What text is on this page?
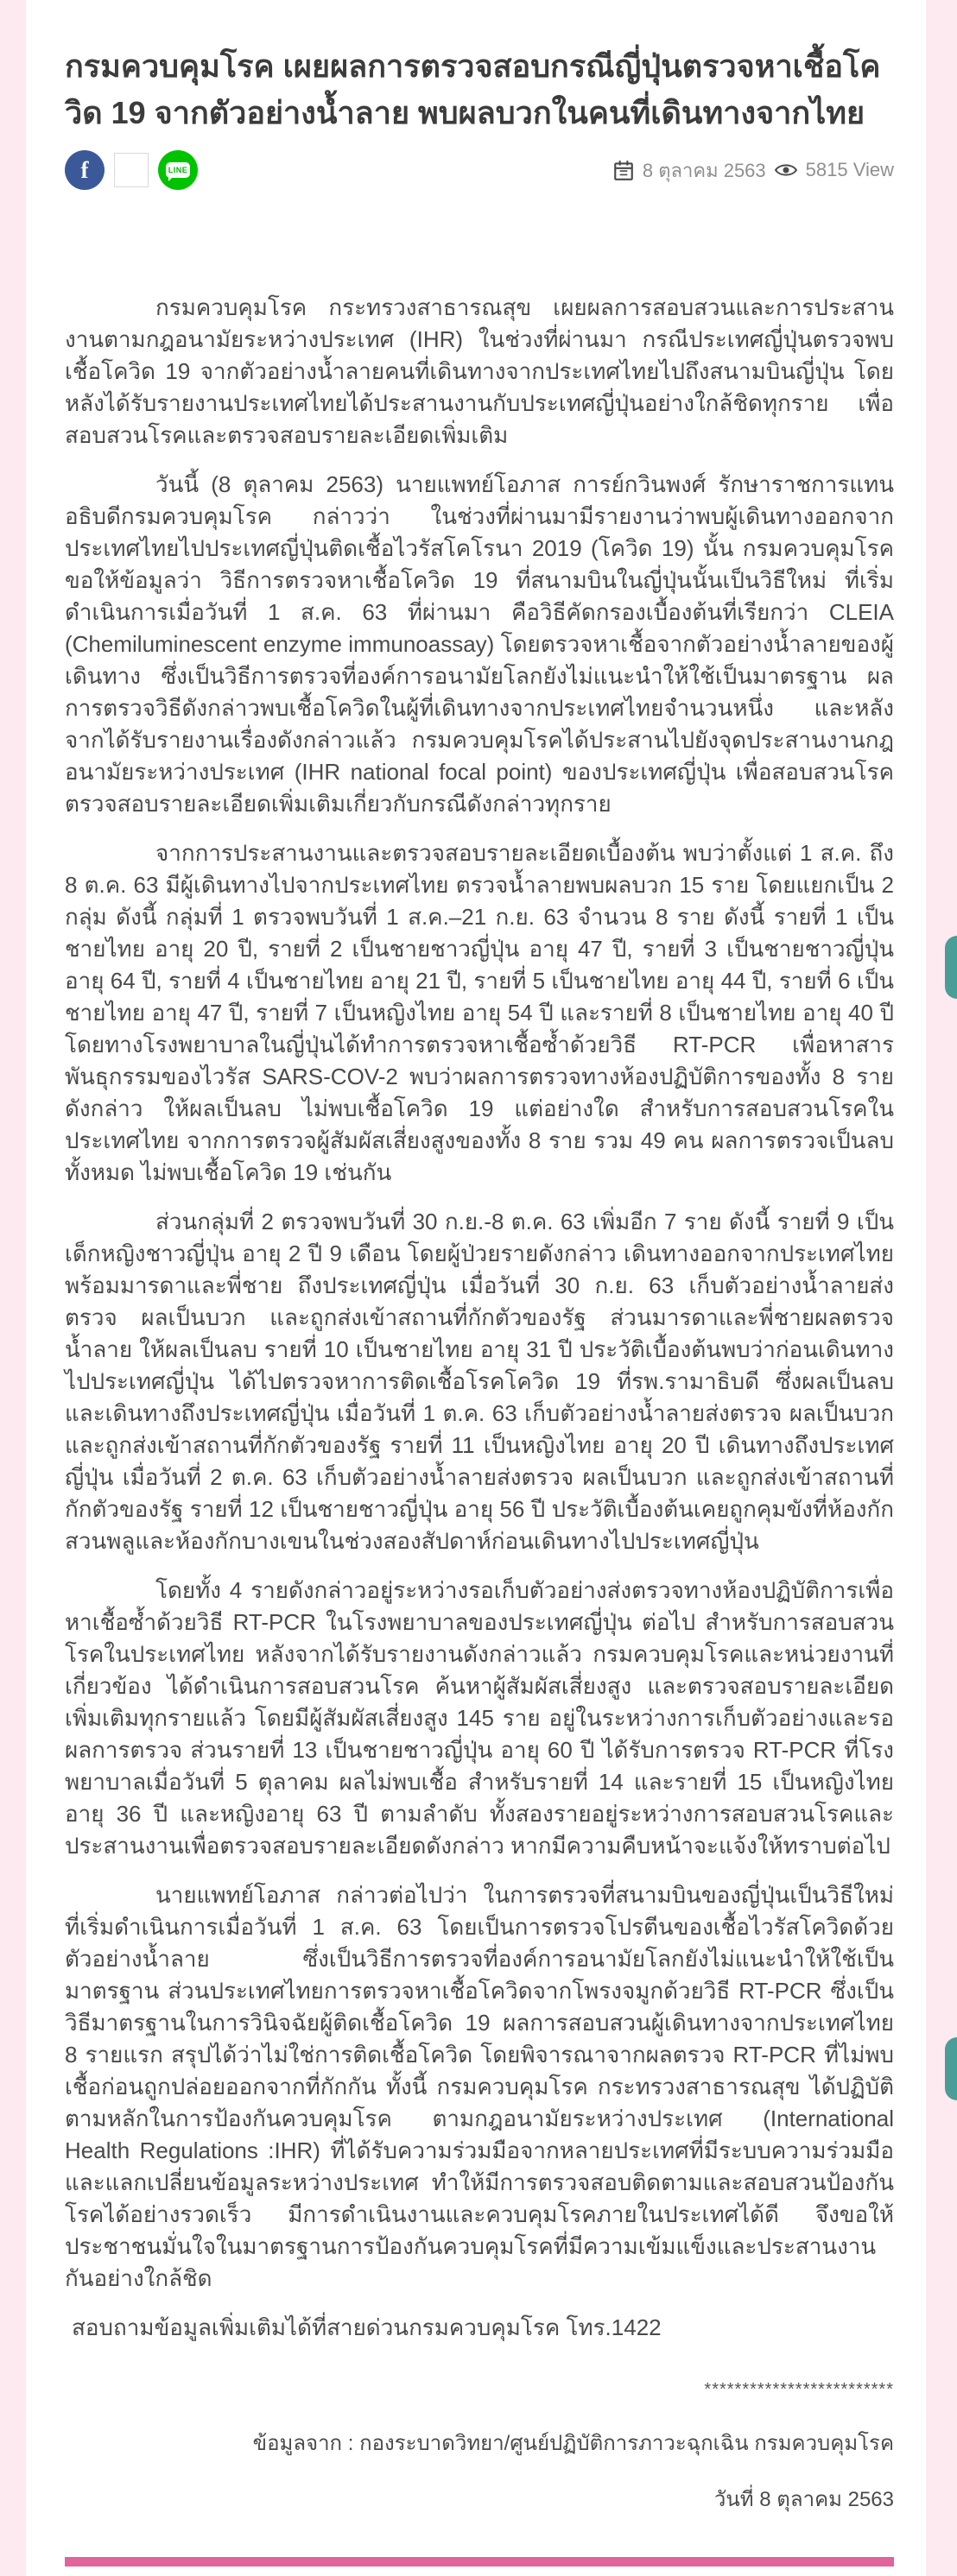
กรมควบคุมโรค เผยผลการตรวจสอบกรณีญี่ปุ่นตรวจหาเชื้อโควิด 19 จากตัวอย่างน้ำลาย พบผลบวกในคนที่เดินทางจากไทย
f	LINE	8 ตุลาคม 2563 5815 View

กรมควบคุมโรค กระทรวงสาธารณสุข เผยผลการสอบสวนและการประสานงานตามกฎอนามัยระหว่างประเทศ (IHR) ในช่วงที่ผ่านมา กรณีประเทศญี่ปุ่นตรวจพบเชื้อโควิด 19 จากตัวอย่างน้ำลายคนที่เดินทางจากประเทศไทยไปถึงสนามบินญี่ปุ่น โดยหลังได้รับรายงานประเทศไทยได้ประสานงานกับประเทศญี่ปุ่นอย่างใกล้ชิดทุกราย เพื่อสอบสวนโรคและตรวจสอบรายละเอียดเพิ่มเติม

วันนี้ (8 ตุลาคม 2563) นายแพทย์โอภาส การย์กวินพงศ์ รักษาราชการแทนอธิบดีกรมควบคุมโรค กล่าวว่า ในช่วงที่ผ่านมามีรายงานว่าพบผู้เดินทางออกจากประเทศไทยไปประเทศญี่ปุ่นติดเชื้อไวรัสโคโรนา 2019 (โควิด 19) นั้น กรมควบคุมโรค ขอให้ข้อมูลว่า วิธีการตรวจหาเชื้อโควิด 19 ที่สนามบินในญี่ปุ่นนั้นเป็นวิธีใหม่ ที่เริ่มดำเนินการเมื่อวันที่ 1 ส.ค. 63 ที่ผ่านมา คือวิธีคัดกรองเบื้องต้นที่เรียกว่า CLEIA (Chemiluminescent enzyme immunoassay) โดยตรวจหาเชื้อจากตัวอย่างน้ำลายของผู้เดินทาง ซึ่งเป็นวิธีการตรวจที่องค์การอนามัยโลกยังไม่แนะนำให้ใช้เป็นมาตรฐาน ผลการตรวจวิธีดังกล่าวพบเชื้อโควิดในผู้ที่เดินทางจากประเทศไทยจำนวนหนึ่ง และหลังจากได้รับรายงานเรื่องดังกล่าวแล้ว กรมควบคุมโรคได้ประสานไปยังจุดประสานงานกฎอนามัยระหว่างประเทศ (IHR national focal point) ของประเทศญี่ปุ่น เพื่อสอบสวนโรค ตรวจสอบรายละเอียดเพิ่มเติมเกี่ยวกับกรณีดังกล่าวทุกราย

จากการประสานงานและตรวจสอบรายละเอียดเบื้องต้น พบว่าตั้งแต่ 1 ส.ค. ถึง 8 ต.ค. 63 มีผู้เดินทางไปจากประเทศไทย ตรวจน้ำลายพบผลบวก 15 ราย โดยแยกเป็น 2 กลุ่ม ดังนี้ กลุ่มที่ 1 ตรวจพบวันที่ 1 ส.ค.–21 ก.ย. 63 จำนวน 8 ราย ดังนี้ รายที่ 1 เป็นชายไทย อายุ 20 ปี, รายที่ 2 เป็นชายชาวญี่ปุ่น อายุ 47 ปี, รายที่ 3 เป็นชายชาวญี่ปุ่น อายุ 64 ปี, รายที่ 4 เป็นชายไทย อายุ 21 ปี, รายที่ 5 เป็นชายไทย อายุ 44 ปี, รายที่ 6 เป็นชายไทย อายุ 47 ปี, รายที่ 7 เป็นหญิงไทย อายุ 54 ปี และรายที่ 8 เป็นชายไทย อายุ 40 ปี โดยทางโรงพยาบาลในญี่ปุ่นได้ทำการตรวจหาเชื้อซ้ำด้วยวิธี RT-PCR เพื่อหาสารพันธุกรรมของไวรัส SARS-COV-2 พบว่าผลการตรวจทางห้องปฏิบัติการของทั้ง 8 รายดังกล่าว ให้ผลเป็นลบ ไม่พบเชื้อโควิด 19 แต่อย่างใด สำหรับการสอบสวนโรคในประเทศไทย จากการตรวจผู้สัมผัสเสี่ยงสูงของทั้ง 8 ราย รวม 49 คน ผลการตรวจเป็นลบทั้งหมด ไม่พบเชื้อโควิด 19 เช่นกัน

ส่วนกลุ่มที่ 2 ตรวจพบวันที่ 30 ก.ย.-8 ต.ค. 63 เพิ่มอีก 7 ราย ดังนี้ รายที่ 9 เป็นเด็กหญิงชาวญี่ปุ่น อายุ 2 ปี 9 เดือน โดยผู้ป่วยรายดังกล่าว เดินทางออกจากประเทศไทยพร้อมมารดาและพี่ชาย ถึงประเทศญี่ปุ่น เมื่อวันที่ 30 ก.ย. 63 เก็บตัวอย่างน้ำลายส่งตรวจ ผลเป็นบวก และถูกส่งเข้าสถานที่กักตัวของรัฐ ส่วนมารดาและพี่ชายผลตรวจน้ำลาย ให้ผลเป็นลบ รายที่ 10 เป็นชายไทย อายุ 31 ปี ประวัติเบื้องต้นพบว่าก่อนเดินทางไปประเทศญี่ปุ่น ได้ไปตรวจหาการติดเชื้อโรคโควิด 19 ที่รพ.รามาธิบดี ซึ่งผลเป็นลบ และเดินทางถึงประเทศญี่ปุ่น เมื่อวันที่ 1 ต.ค. 63 เก็บตัวอย่างน้ำลายส่งตรวจ ผลเป็นบวก และถูกส่งเข้าสถานที่กักตัวของรัฐ รายที่ 11 เป็นหญิงไทย อายุ 20 ปี เดินทางถึงประเทศญี่ปุ่น เมื่อวันที่ 2 ต.ค. 63 เก็บตัวอย่างน้ำลายส่งตรวจ ผลเป็นบวก และถูกส่งเข้าสถานที่กักตัวของรัฐ รายที่ 12 เป็นชายชาวญี่ปุ่น อายุ 56 ปี ประวัติเบื้องต้นเคยถูกคุมขังที่ห้องกักสวนพลูและห้องกักบางเขนในช่วงสองสัปดาห์ก่อนเดินทางไปประเทศญี่ปุ่น

โดยทั้ง 4 รายดังกล่าวอยู่ระหว่างรอเก็บตัวอย่างส่งตรวจทางห้องปฏิบัติการเพื่อหาเชื้อซ้ำด้วยวิธี RT-PCR ในโรงพยาบาลของประเทศญี่ปุ่น ต่อไป สำหรับการสอบสวนโรคในประเทศไทย หลังจากได้รับรายงานดังกล่าวแล้ว กรมควบคุมโรคและหน่วยงานที่เกี่ยวข้อง ได้ดำเนินการสอบสวนโรค ค้นหาผู้สัมผัสเสี่ยงสูง และตรวจสอบรายละเอียดเพิ่มเติมทุกรายแล้ว โดยมีผู้สัมผัสเสี่ยงสูง 145 ราย อยู่ในระหว่างการเก็บตัวอย่างและรอผลการตรวจ ส่วนรายที่ 13 เป็นชายชาวญี่ปุ่น อายุ 60 ปี ได้รับการตรวจ RT-PCR ที่โรงพยาบาลเมื่อวันที่ 5 ตุลาคม ผลไม่พบเชื้อ สำหรับรายที่ 14 และรายที่ 15 เป็นหญิงไทย อายุ 36 ปี และหญิงอายุ 63 ปี ตามลำดับ ทั้งสองรายอยู่ระหว่างการสอบสวนโรคและประสานงานเพื่อตรวจสอบรายละเอียดดังกล่าว หากมีความคืบหน้าจะแจ้งให้ทราบต่อไป

นายแพทย์โอภาส กล่าวต่อไปว่า ในการตรวจที่สนามบินของญี่ปุ่นเป็นวิธีใหม่ ที่เริ่มดำเนินการเมื่อวันที่ 1 ส.ค. 63 โดยเป็นการตรวจโปรตีนของเชื้อไวรัสโควิดด้วยตัวอย่างน้ำลาย ซึ่งเป็นวิธีการตรวจที่องค์การอนามัยโลกยังไม่แนะนำให้ใช้เป็นมาตรฐาน ส่วนประเทศไทยการตรวจหาเชื้อโควิดจากโพรงจมูกด้วยวิธี RT-PCR ซึ่งเป็นวิธีมาตรฐานในการวินิจฉัยผู้ติดเชื้อโควิด 19 ผลการสอบสวนผู้เดินทางจากประเทศไทย 8 รายแรก สรุปได้ว่าไม่ใช่การติดเชื้อโควิด โดยพิจารณาจากผลตรวจ RT-PCR ที่ไม่พบเชื้อก่อนถูกปล่อยออกจากที่กักกัน ทั้งนี้ กรมควบคุมโรค กระทรวงสาธารณสุข ได้ปฏิบัติตามหลักในการป้องกันควบคุมโรค ตามกฎอนามัยระหว่างประเทศ (International Health Regulations :IHR) ที่ได้รับความร่วมมือจากหลายประเทศที่มีระบบความร่วมมือและแลกเปลี่ยนข้อมูลระหว่างประเทศ ทำให้มีการตรวจสอบติดตามและสอบสวนป้องกันโรคได้อย่างรวดเร็ว มีการดำเนินงานและควบคุมโรคภายในประเทศได้ดี จึงขอให้ประชาชนมั่นใจในมาตรฐานการป้องกันควบคุมโรคที่มีความเข้มแข็งและประสานงานกันอย่างใกล้ชิด

สอบถามข้อมูลเพิ่มเติมได้ที่สายด่วนกรมควบคุมโรค โทร.1422

*************************
ข้อมูลจาก : กองระบาดวิทยา/ศูนย์ปฏิบัติการภาวะฉุกเฉิน กรมควบคุมโรค
วันที่ 8 ตุลาคม 2563
